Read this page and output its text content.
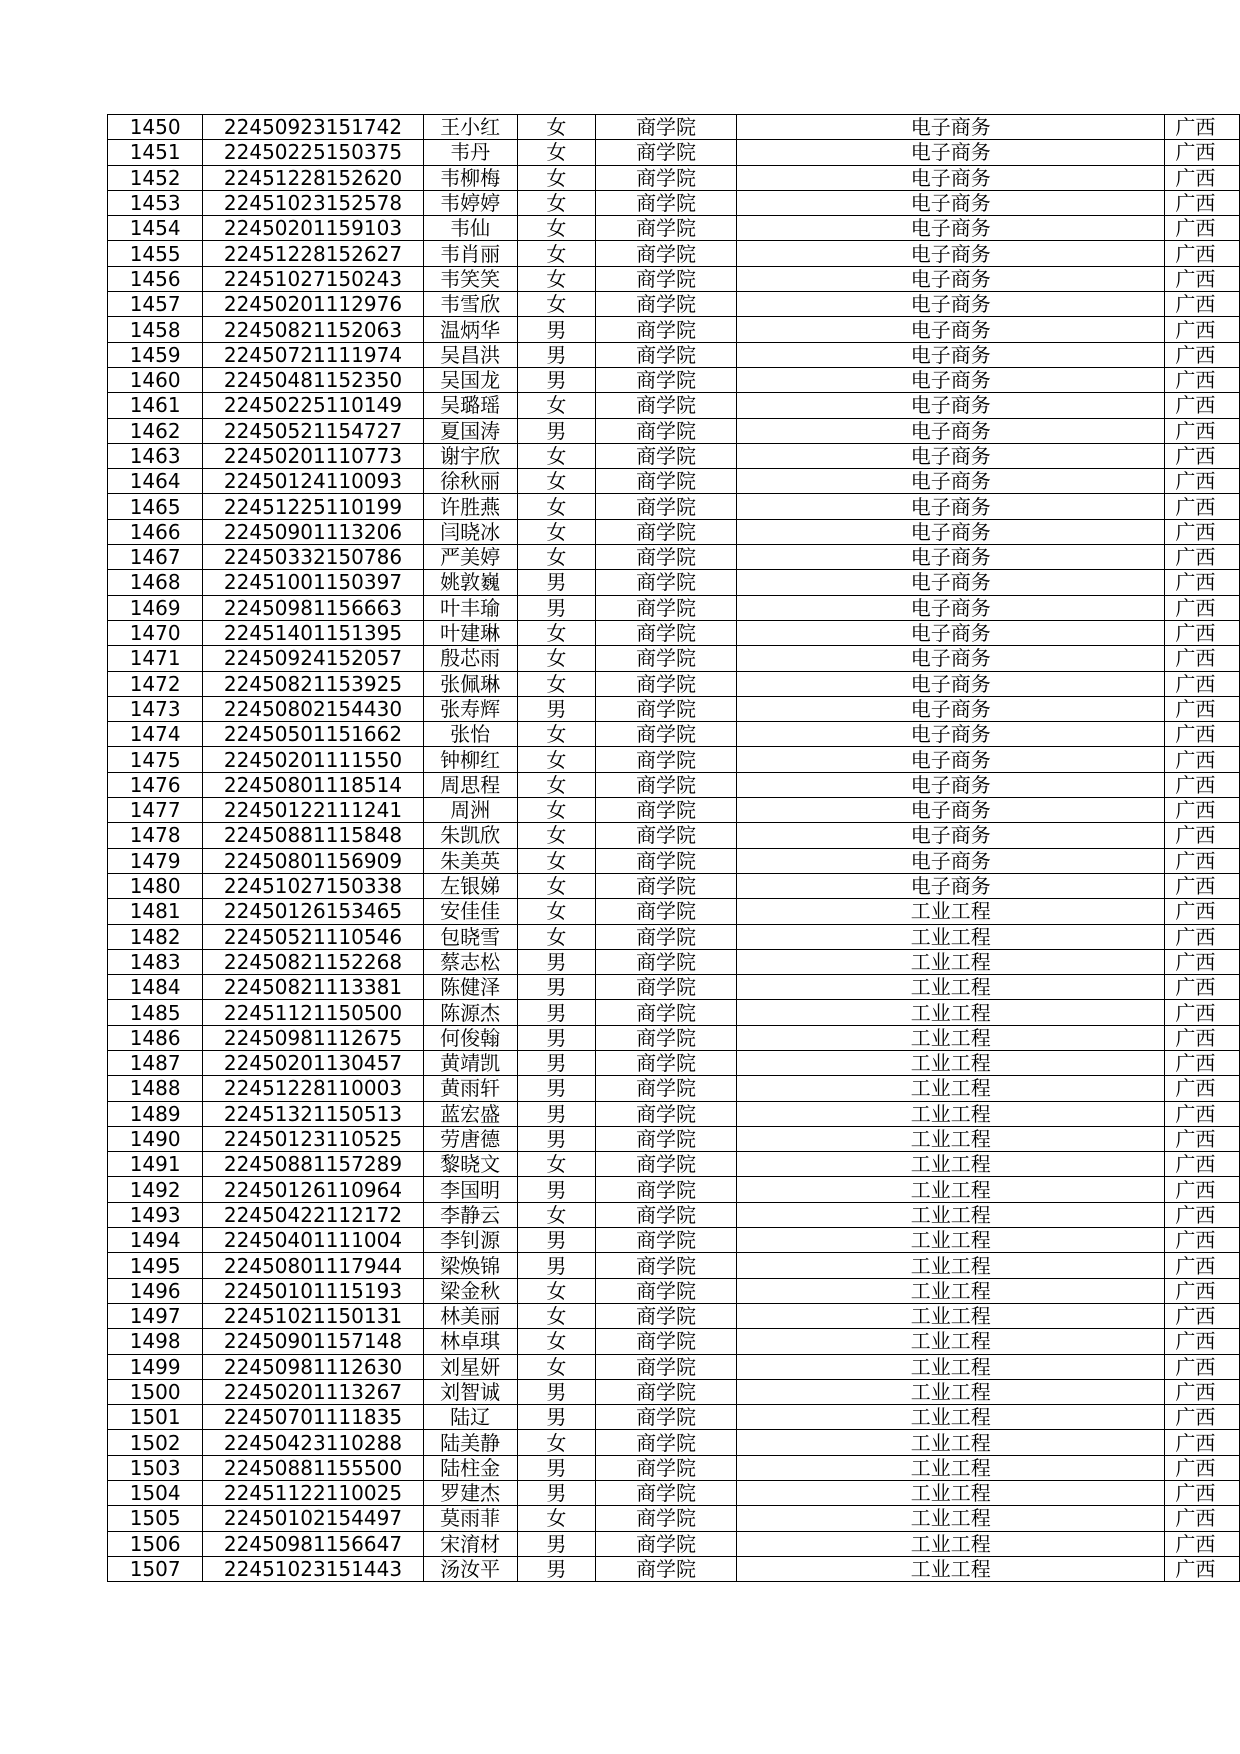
1450	22450923151742	王小红	女	商学院	电子商务	广西
1451	22450225150375	韦丹	女	商学院	电子商务	广西
1452	22451228152620	韦柳梅	女	商学院	电子商务	广西
1453	22451023152578	韦婷婷	女	商学院	电子商务	广西
1454	22450201159103	韦仙	女	商学院	电子商务	广西
1455	22451228152627	韦肖丽	女	商学院	电子商务	广西
1456	22451027150243	韦笑笑	女	商学院	电子商务	广西
1457	22450201112976	韦雪欣	女	商学院	电子商务	广西
1458	22450821152063	温炳华	男	商学院	电子商务	广西
1459	22450721111974	吴昌洪	男	商学院	电子商务	广西
1460	22450481152350	吴国龙	男	商学院	电子商务	广西
1461	22450225110149	吴璐瑶	女	商学院	电子商务	广西
1462	22450521154727	夏国涛	男	商学院	电子商务	广西
1463	22450201110773	谢宇欣	女	商学院	电子商务	广西
1464	22450124110093	徐秋丽	女	商学院	电子商务	广西
1465	22451225110199	许胜燕	女	商学院	电子商务	广西
1466	22450901113206	闫晓冰	女	商学院	电子商务	广西
1467	22450332150786	严美婷	女	商学院	电子商务	广西
1468	22451001150397	姚敦巍	男	商学院	电子商务	广西
1469	22450981156663	叶丰瑜	男	商学院	电子商务	广西
1470	22451401151395	叶建琳	女	商学院	电子商务	广西
1471	22450924152057	殷芯雨	女	商学院	电子商务	广西
1472	22450821153925	张佩琳	女	商学院	电子商务	广西
1473	22450802154430	张寿辉	男	商学院	电子商务	广西
1474	22450501151662	张怡	女	商学院	电子商务	广西
1475	22450201111550	钟柳红	女	商学院	电子商务	广西
1476	22450801118514	周思程	女	商学院	电子商务	广西
1477	22450122111241	周洲	女	商学院	电子商务	广西
1478	22450881115848	朱凯欣	女	商学院	电子商务	广西
1479	22450801156909	朱美英	女	商学院	电子商务	广西
1480	22451027150338	左银娣	女	商学院	电子商务	广西
1481	22450126153465	安佳佳	女	商学院	工业工程	广西
1482	22450521110546	包晓雪	女	商学院	工业工程	广西
1483	22450821152268	蔡志松	男	商学院	工业工程	广西
1484	22450821113381	陈健泽	男	商学院	工业工程	广西
1485	22451121150500	陈源杰	男	商学院	工业工程	广西
1486	22450981112675	何俊翰	男	商学院	工业工程	广西
1487	22450201130457	黄靖凯	男	商学院	工业工程	广西
1488	22451228110003	黄雨轩	男	商学院	工业工程	广西
1489	22451321150513	蓝宏盛	男	商学院	工业工程	广西
1490	22450123110525	劳唐德	男	商学院	工业工程	广西
1491	22450881157289	黎晓文	女	商学院	工业工程	广西
1492	22450126110964	李国明	男	商学院	工业工程	广西
1493	22450422112172	李静云	女	商学院	工业工程	广西
1494	22450401111004	李钊源	男	商学院	工业工程	广西
1495	22450801117944	梁焕锦	男	商学院	工业工程	广西
1496	22450101115193	梁金秋	女	商学院	工业工程	广西
1497	22451021150131	林美丽	女	商学院	工业工程	广西
1498	22450901157148	林卓琪	女	商学院	工业工程	广西
1499	22450981112630	刘星妍	女	商学院	工业工程	广西
1500	22450201113267	刘智诚	男	商学院	工业工程	广西
1501	22450701111835	陆辽	男	商学院	工业工程	广西
1502	22450423110288	陆美静	女	商学院	工业工程	广西
1503	22450881155500	陆柱金	男	商学院	工业工程	广西
1504	22451122110025	罗建杰	男	商学院	工业工程	广西
1505	22450102154497	莫雨菲	女	商学院	工业工程	广西
1506	22450981156647	宋淯材	男	商学院	工业工程	广西
1507	22451023151443	汤汝平	男	商学院	工业工程	广西
